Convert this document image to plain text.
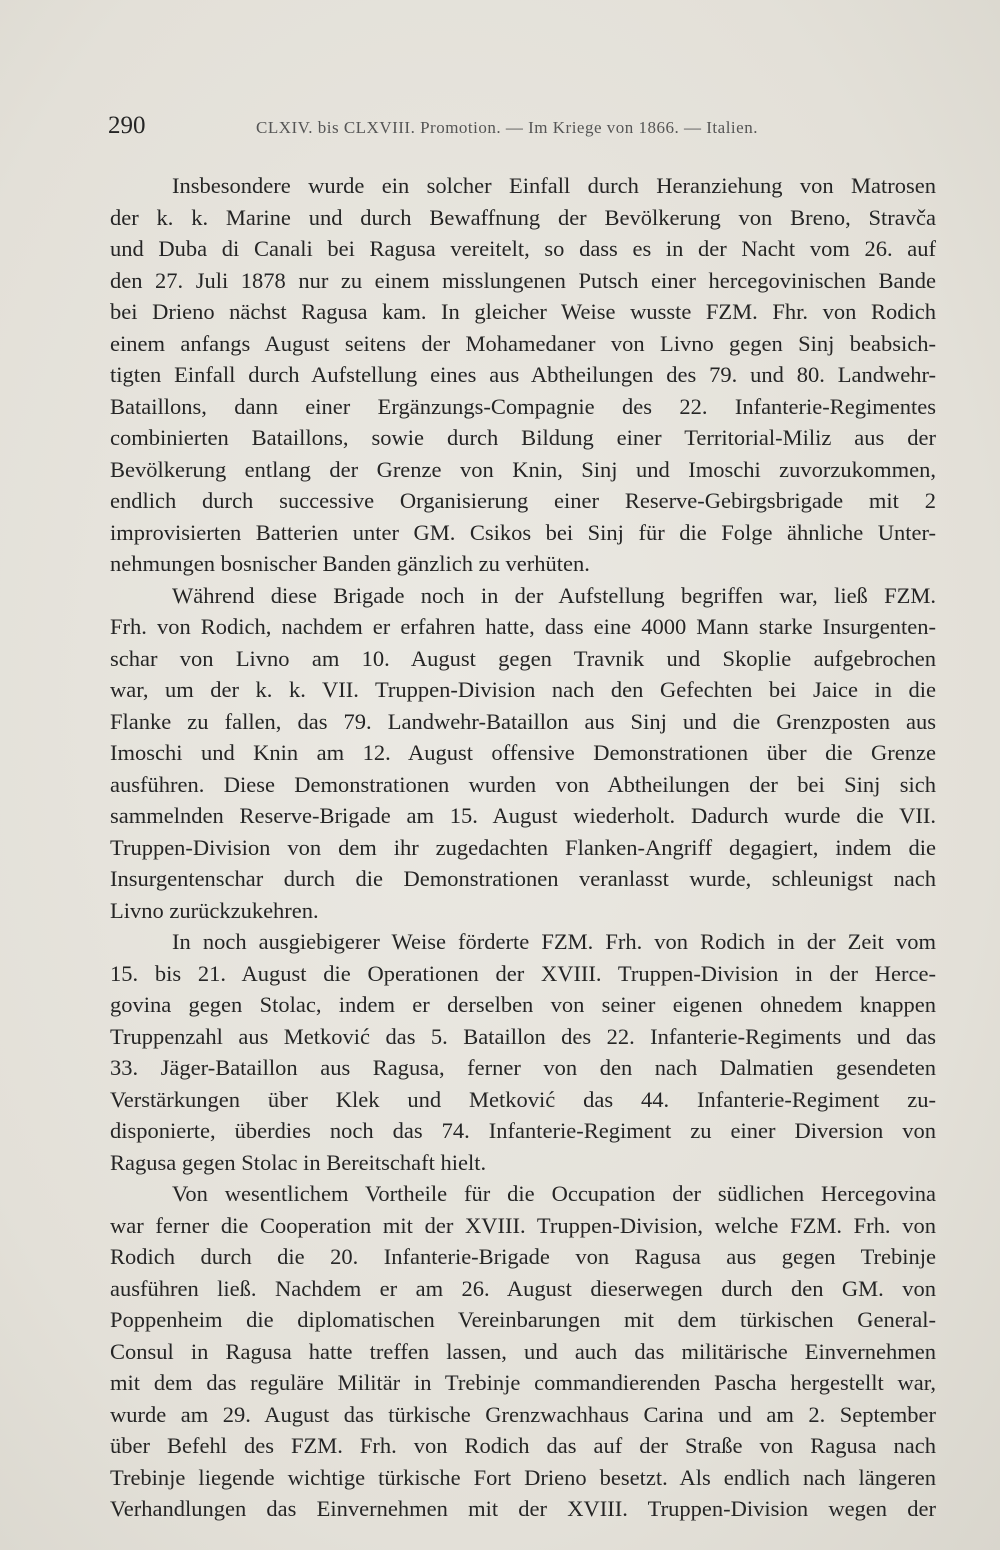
290	CLXIV. bis CLXVIII. Promotion. — Im Kriege von 1866. — Italien.
Insbesondere wurde ein solcher Einfall durch Heranziehung von Matrosen
der k. k. Marine und durch Bewaffnung der Bevölkerung von Breno, Stravča
und Duba di Canali bei Ragusa vereitelt, so dass es in der Nacht vom 26. auf
den 27. Juli 1878 nur zu einem misslungenen Putsch einer hercegovinischen Bande
bei Drieno nächst Ragusa kam. In gleicher Weise wusste FZM. Fhr. von Rodich
einem anfangs August seitens der Mohamedaner von Livno gegen Sinj beabsich-
tigten Einfall durch Aufstellung eines aus Abtheilungen des 79. und 80. Landwehr-
Bataillons, dann einer Ergänzungs-Compagnie des 22. Infanterie-Regimentes
combinierten Bataillons, sowie durch Bildung einer Territorial-Miliz aus der
Bevölkerung entlang der Grenze von Knin, Sinj und Imoschi zuvorzukommen,
endlich durch successive Organisierung einer Reserve-Gebirgsbrigade mit 2
improvisierten Batterien unter GM. Csikos bei Sinj für die Folge ähnliche Unter-
nehmungen bosnischer Banden gänzlich zu verhüten.
Während diese Brigade noch in der Aufstellung begriffen war, ließ FZM.
Frh. von Rodich, nachdem er erfahren hatte, dass eine 4000 Mann starke Insurgenten-
schar von Livno am 10. August gegen Travnik und Skoplie aufgebrochen
war, um der k. k. VII. Truppen-Division nach den Gefechten bei Jaice in die
Flanke zu fallen, das 79. Landwehr-Bataillon aus Sinj und die Grenzposten aus
Imoschi und Knin am 12. August offensive Demonstrationen über die Grenze
ausführen. Diese Demonstrationen wurden von Abtheilungen der bei Sinj sich
sammelnden Reserve-Brigade am 15. August wiederholt. Dadurch wurde die VII.
Truppen-Division von dem ihr zugedachten Flanken-Angriff degagiert, indem die
Insurgentenschar durch die Demonstrationen veranlasst wurde, schleunigst nach
Livno zurückzukehren.
In noch ausgiebigerer Weise förderte FZM. Frh. von Rodich in der Zeit vom
15. bis 21. August die Operationen der XVIII. Truppen-Division in der Herce-
govina gegen Stolac, indem er derselben von seiner eigenen ohnedem knappen
Truppenzahl aus Metković das 5. Bataillon des 22. Infanterie-Regiments und das
33. Jäger-Bataillon aus Ragusa, ferner von den nach Dalmatien gesendeten
Verstärkungen über Klek und Metković das 44. Infanterie-Regiment zu-
disponierte, überdies noch das 74. Infanterie-Regiment zu einer Diversion von
Ragusa gegen Stolac in Bereitschaft hielt.
Von wesentlichem Vortheile für die Occupation der südlichen Hercegovina
war ferner die Cooperation mit der XVIII. Truppen-Division, welche FZM. Frh. von
Rodich durch die 20. Infanterie-Brigade von Ragusa aus gegen Trebinje
ausführen ließ. Nachdem er am 26. August dieserwegen durch den GM. von
Poppenheim die diplomatischen Vereinbarungen mit dem türkischen General-
Consul in Ragusa hatte treffen lassen, und auch das militärische Einvernehmen
mit dem das reguläre Militär in Trebinje commandierenden Pascha hergestellt war,
wurde am 29. August das türkische Grenzwachhaus Carina und am 2. September
über Befehl des FZM. Frh. von Rodich das auf der Straße von Ragusa nach
Trebinje liegende wichtige türkische Fort Drieno besetzt. Als endlich nach längeren
Verhandlungen das Einvernehmen mit der XVIII. Truppen-Division wegen der
